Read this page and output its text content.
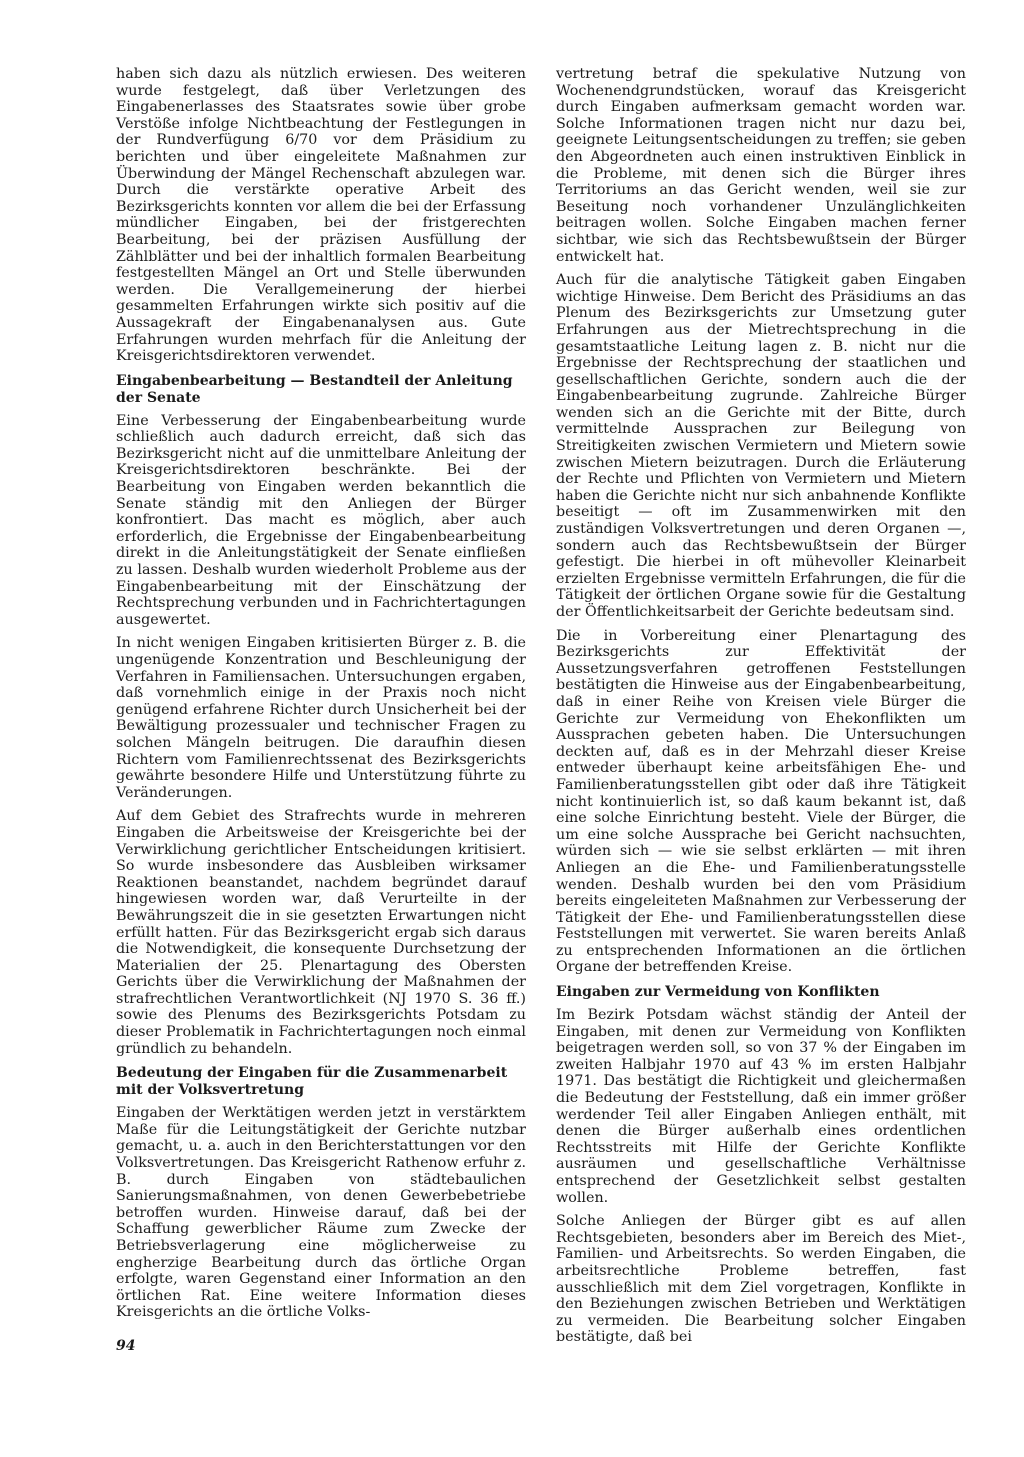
haben sich dazu als nützlich erwiesen. Des weiteren wurde festgelegt, daß über Verletzungen des Eingabenerlasses des Staatsrates sowie über grobe Verstöße infolge Nichtbeachtung der Festlegungen in der Rundverfügung 6/70 vor dem Präsidium zu berichten und über eingeleitete Maßnahmen zur Überwindung der Mängel Rechenschaft abzulegen war. Durch die verstärkte operative Arbeit des Bezirksgerichts konnten vor allem die bei der Erfassung mündlicher Eingaben, bei der fristgerechten Bearbeitung, bei der präzisen Ausfüllung der Zählblätter und bei der inhaltlich formalen Bearbeitung festgestellten Mängel an Ort und Stelle überwunden werden. Die Verallgemeinerung der hierbei gesammelten Erfahrungen wirkte sich positiv auf die Aussagekraft der Eingabenanalysen aus. Gute Erfahrungen wurden mehrfach für die Anleitung der Kreisgerichtsdirektoren verwendet.

Eingabenbearbeitung — Bestandteil der Anleitung der Senate

Eine Verbesserung der Eingabenbearbeitung wurde schließlich auch dadurch erreicht, daß sich das Bezirksgericht nicht auf die unmittelbare Anleitung der Kreisgerichtsdirektoren beschränkte. Bei der Bearbeitung von Eingaben werden bekanntlich die Senate ständig mit den Anliegen der Bürger konfrontiert. Das macht es möglich, aber auch erforderlich, die Ergebnisse der Eingabenbearbeitung direkt in die Anleitungstätigkeit der Senate einfließen zu lassen. Deshalb wurden wiederholt Probleme aus der Eingabenbearbeitung mit der Einschätzung der Rechtsprechung verbunden und in Fachrichtertagungen ausgewertet.

In nicht wenigen Eingaben kritisierten Bürger z. B. die ungenügende Konzentration und Beschleunigung der Verfahren in Familiensachen. Untersuchungen ergaben, daß vornehmlich einige in der Praxis noch nicht genügend erfahrene Richter durch Unsicherheit bei der Bewältigung prozessualer und technischer Fragen zu solchen Mängeln beitrugen. Die daraufhin diesen Richtern vom Familienrechtssenat des Bezirksgerichts gewährte besondere Hilfe und Unterstützung führte zu Veränderungen.

Auf dem Gebiet des Strafrechts wurde in mehreren Eingaben die Arbeitsweise der Kreisgerichte bei der Verwirklichung gerichtlicher Entscheidungen kritisiert. So wurde insbesondere das Ausbleiben wirksamer Reaktionen beanstandet, nachdem begründet darauf hingewiesen worden war, daß Verurteilte in der Bewährungszeit die in sie gesetzten Erwartungen nicht erfüllt hatten. Für das Bezirksgericht ergab sich daraus die Notwendigkeit, die konsequente Durchsetzung der Materialien der 25. Plenartagung des Obersten Gerichts über die Verwirklichung der Maßnahmen der strafrechtlichen Verantwortlichkeit (NJ 1970 S. 36 ff.) sowie des Plenums des Bezirksgerichts Potsdam zu dieser Problematik in Fachrichtertagungen noch einmal gründlich zu behandeln.

Bedeutung der Eingaben für die Zusammenarbeit mit der Volksvertretung

Eingaben der Werktätigen werden jetzt in verstärktem Maße für die Leitungstätigkeit der Gerichte nutzbar gemacht, u. a. auch in den Berichterstattungen vor den Volksvertretungen. Das Kreisgericht Rathenow erfuhr z. B. durch Eingaben von städtebaulichen Sanierungsmaßnahmen, von denen Gewerbebetriebe betroffen wurden. Hinweise darauf, daß bei der Schaffung gewerblicher Räume zum Zwecke der Betriebsverlagerung eine möglicherweise zu engherzige Bearbeitung durch das örtliche Organ erfolgte, waren Gegenstand einer Information an den örtlichen Rat. Eine weitere Information dieses Kreisgerichts an die örtliche Volks-

vertretung betraf die spekulative Nutzung von Wochenendgrundstücken, worauf das Kreisgericht durch Eingaben aufmerksam gemacht worden war. Solche Informationen tragen nicht nur dazu bei, geeignete Leitungsentscheidungen zu treffen; sie geben den Abgeordneten auch einen instruktiven Einblick in die Probleme, mit denen sich die Bürger ihres Territoriums an das Gericht wenden, weil sie zur Beseitung noch vorhandener Unzulänglichkeiten beitragen wollen. Solche Eingaben machen ferner sichtbar, wie sich das Rechtsbewußtsein der Bürger entwickelt hat.

Auch für die analytische Tätigkeit gaben Eingaben wichtige Hinweise. Dem Bericht des Präsidiums an das Plenum des Bezirksgerichts zur Umsetzung guter Erfahrungen aus der Mietrechtsprechung in die gesamtstaatliche Leitung lagen z. B. nicht nur die Ergebnisse der Rechtsprechung der staatlichen und gesellschaftlichen Gerichte, sondern auch die der Eingabenbearbeitung zugrunde. Zahlreiche Bürger wenden sich an die Gerichte mit der Bitte, durch vermittelnde Aussprachen zur Beilegung von Streitigkeiten zwischen Vermietern und Mietern sowie zwischen Mietern beizutragen. Durch die Erläuterung der Rechte und Pflichten von Vermietern und Mietern haben die Gerichte nicht nur sich anbahnende Konflikte beseitigt — oft im Zusammenwirken mit den zuständigen Volksvertretungen und deren Organen —, sondern auch das Rechtsbewußtsein der Bürger gefestigt. Die hierbei in oft mühevoller Kleinarbeit erzielten Ergebnisse vermitteln Erfahrungen, die für die Tätigkeit der örtlichen Organe sowie für die Gestaltung der Öffentlichkeitsarbeit der Gerichte bedeutsam sind.

Die in Vorbereitung einer Plenartagung des Bezirksgerichts zur Effektivität der Aussetzungsverfahren getroffenen Feststellungen bestätigten die Hinweise aus der Eingabenbearbeitung, daß in einer Reihe von Kreisen viele Bürger die Gerichte zur Vermeidung von Ehekonflikten um Aussprachen gebeten haben. Die Untersuchungen deckten auf, daß es in der Mehrzahl dieser Kreise entweder überhaupt keine arbeitsfähigen Ehe- und Familienberatungsstellen gibt oder daß ihre Tätigkeit nicht kontinuierlich ist, so daß kaum bekannt ist, daß eine solche Einrichtung besteht. Viele der Bürger, die um eine solche Aussprache bei Gericht nachsuchten, würden sich — wie sie selbst erklärten — mit ihren Anliegen an die Ehe- und Familienberatungsstelle wenden. Deshalb wurden bei den vom Präsidium bereits eingeleiteten Maßnahmen zur Verbesserung der Tätigkeit der Ehe- und Familienberatungsstellen diese Feststellungen mit verwertet. Sie waren bereits Anlaß zu entsprechenden Informationen an die örtlichen Organe der betreffenden Kreise.

Eingaben zur Vermeidung von Konflikten

Im Bezirk Potsdam wächst ständig der Anteil der Eingaben, mit denen zur Vermeidung von Konflikten beigetragen werden soll, so von 37 % der Eingaben im zweiten Halbjahr 1970 auf 43 % im ersten Halbjahr 1971. Das bestätigt die Richtigkeit und gleichermaßen die Bedeutung der Feststellung, daß ein immer größer werdender Teil aller Eingaben Anliegen enthält, mit denen die Bürger außerhalb eines ordentlichen Rechtsstreits mit Hilfe der Gerichte Konflikte ausräumen und gesellschaftliche Verhältnisse entsprechend der Gesetzlichkeit selbst gestalten wollen.

Solche Anliegen der Bürger gibt es auf allen Rechtsgebieten, besonders aber im Bereich des Miet-, Familien- und Arbeitsrechts. So werden Eingaben, die arbeitsrechtliche Probleme betreffen, fast ausschließlich mit dem Ziel vorgetragen, Konflikte in den Beziehungen zwischen Betrieben und Werktätigen zu vermeiden. Die Bearbeitung solcher Eingaben bestätigte, daß bei

94
